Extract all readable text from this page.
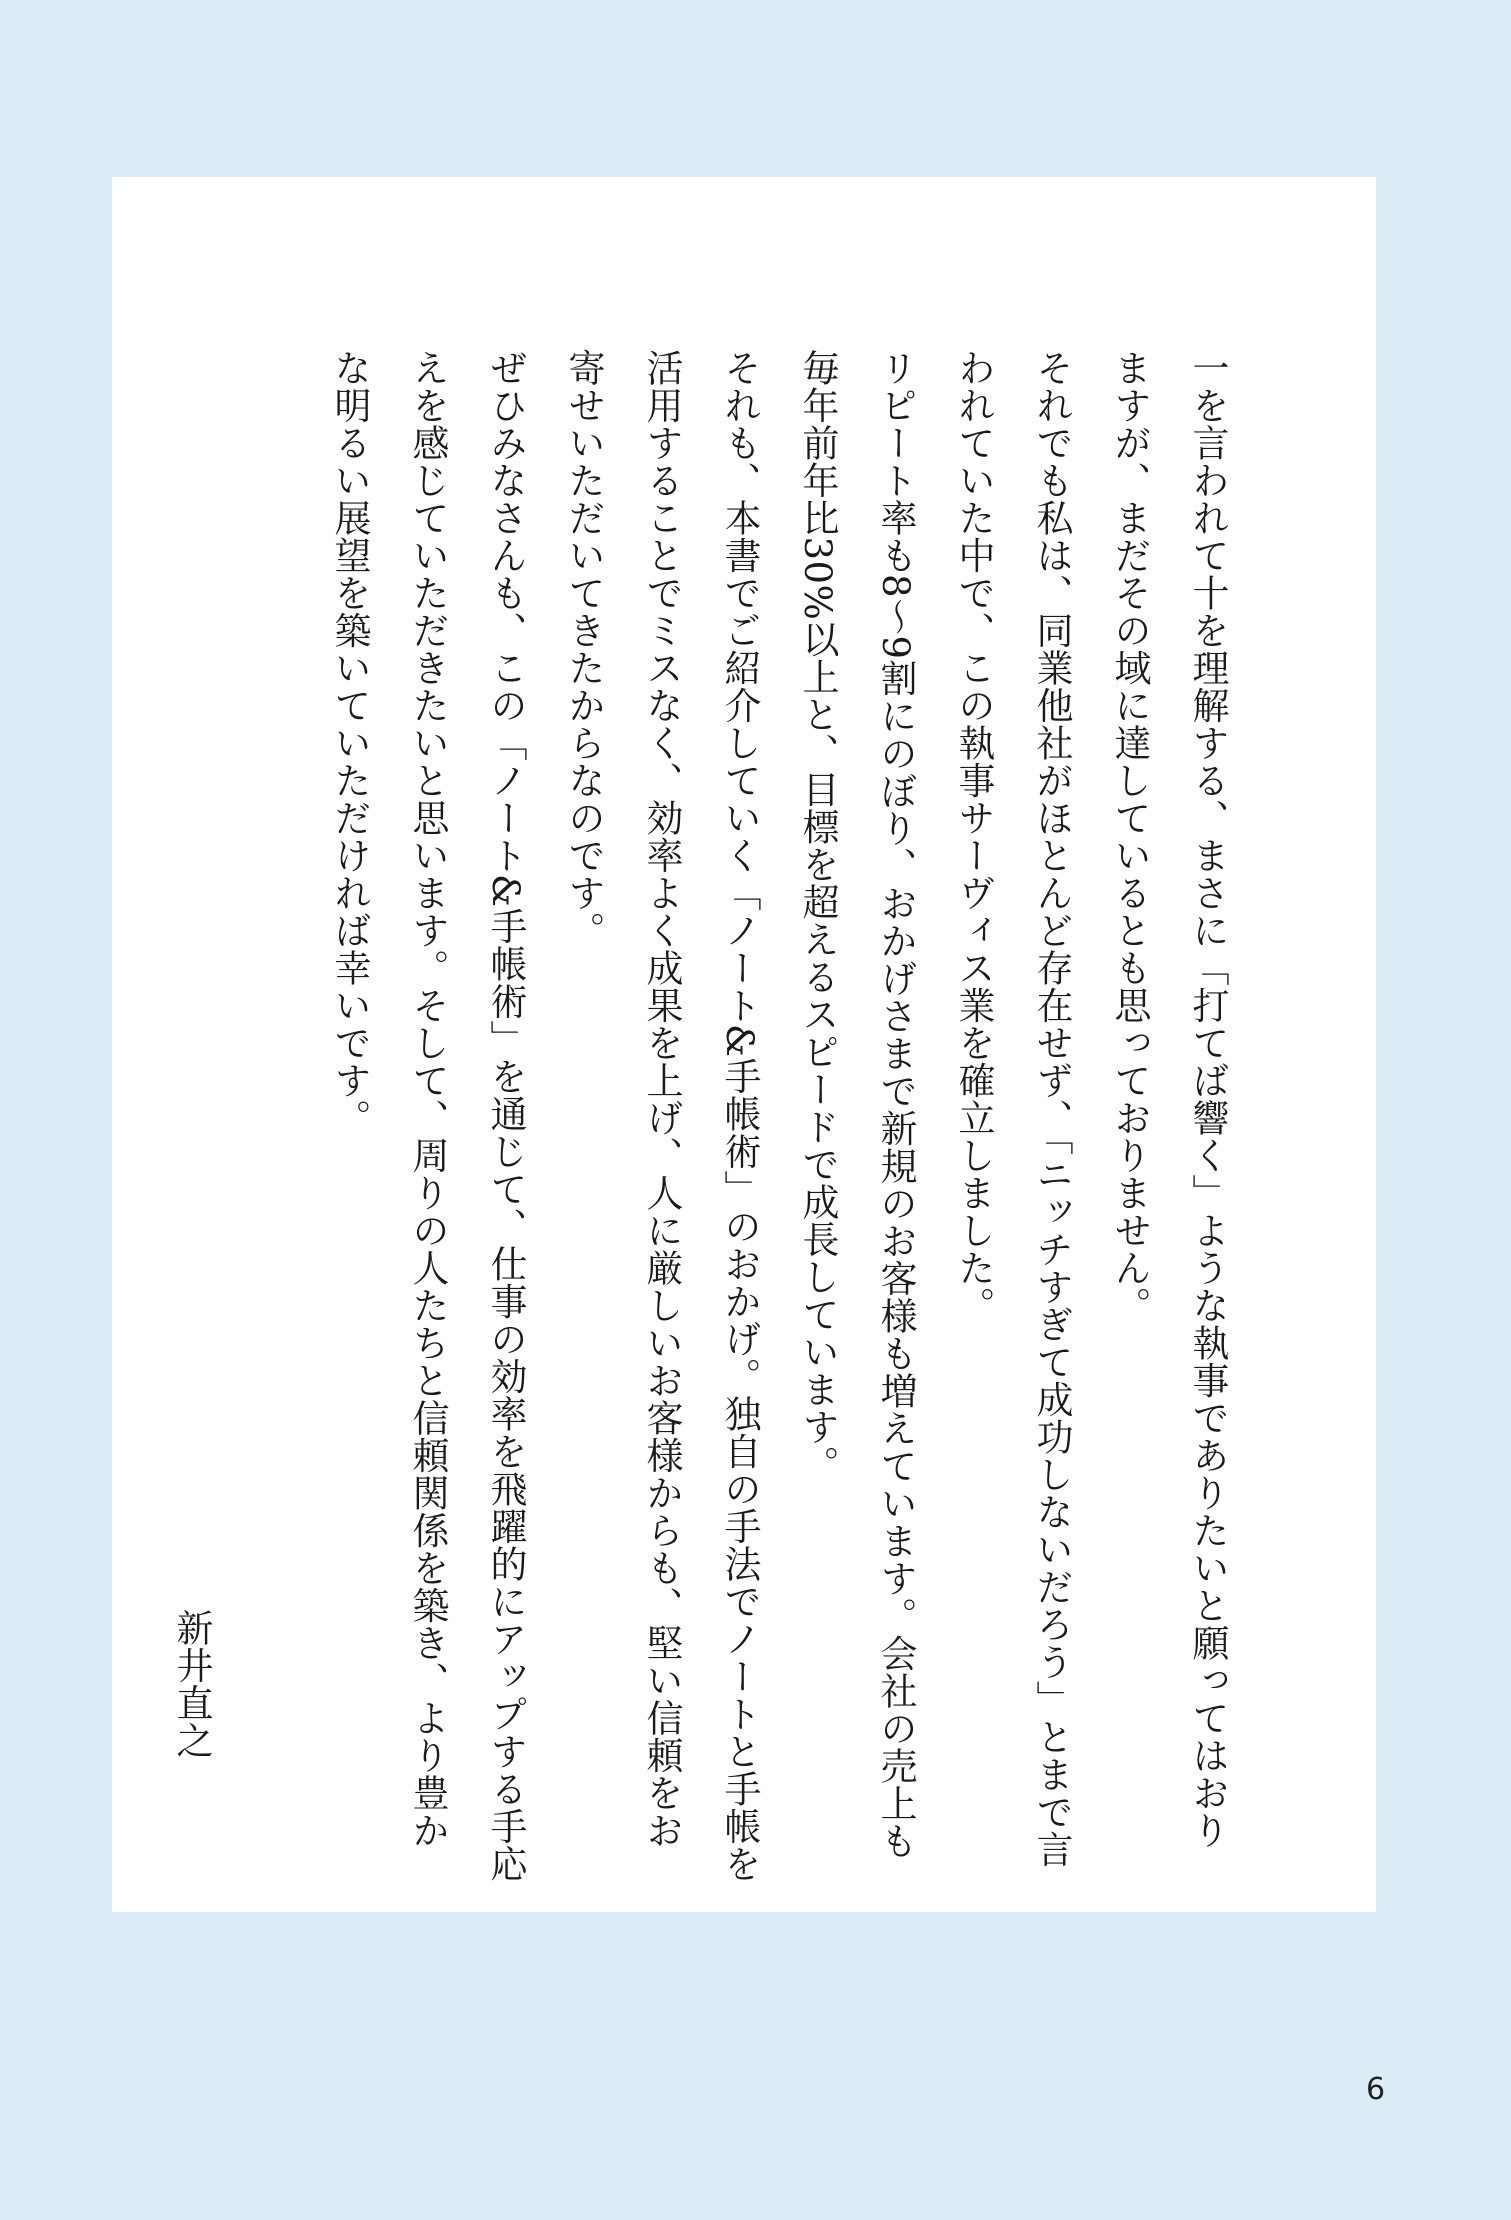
一を言われて十を理解する、まさに「打てば響く」ような執事でありたいと願ってはおりますが、まだその域に達しているとも思っておりません。

それでも私は、同業他社がほとんど存在せず、「ニッチすぎて成功しないだろう」とまで言われていた中で、この執事サーヴィス業を確立しました。

リピート率も8〜9割にのぼり、おかげさまで新規のお客様も増えています。会社の売上も毎年前年比30%以上と、目標を超えるスピードで成長しています。

それも、本書でご紹介していく「ノート&手帳術」のおかげ。独自の手法でノートと手帳を活用することでミスなく、効率よく成果を上げ、人に厳しいお客様からも、堅い信頼をお寄せいただいてきたからなのです。

ぜひみなさんも、この「ノート&手帳術」を通じて、仕事の効率を飛躍的にアップする手応えを感じていただきたいと思います。そして、周りの人たちと信頼関係を築き、より豊かな明るい展望を築いていただければ幸いです。

新井直之

6
